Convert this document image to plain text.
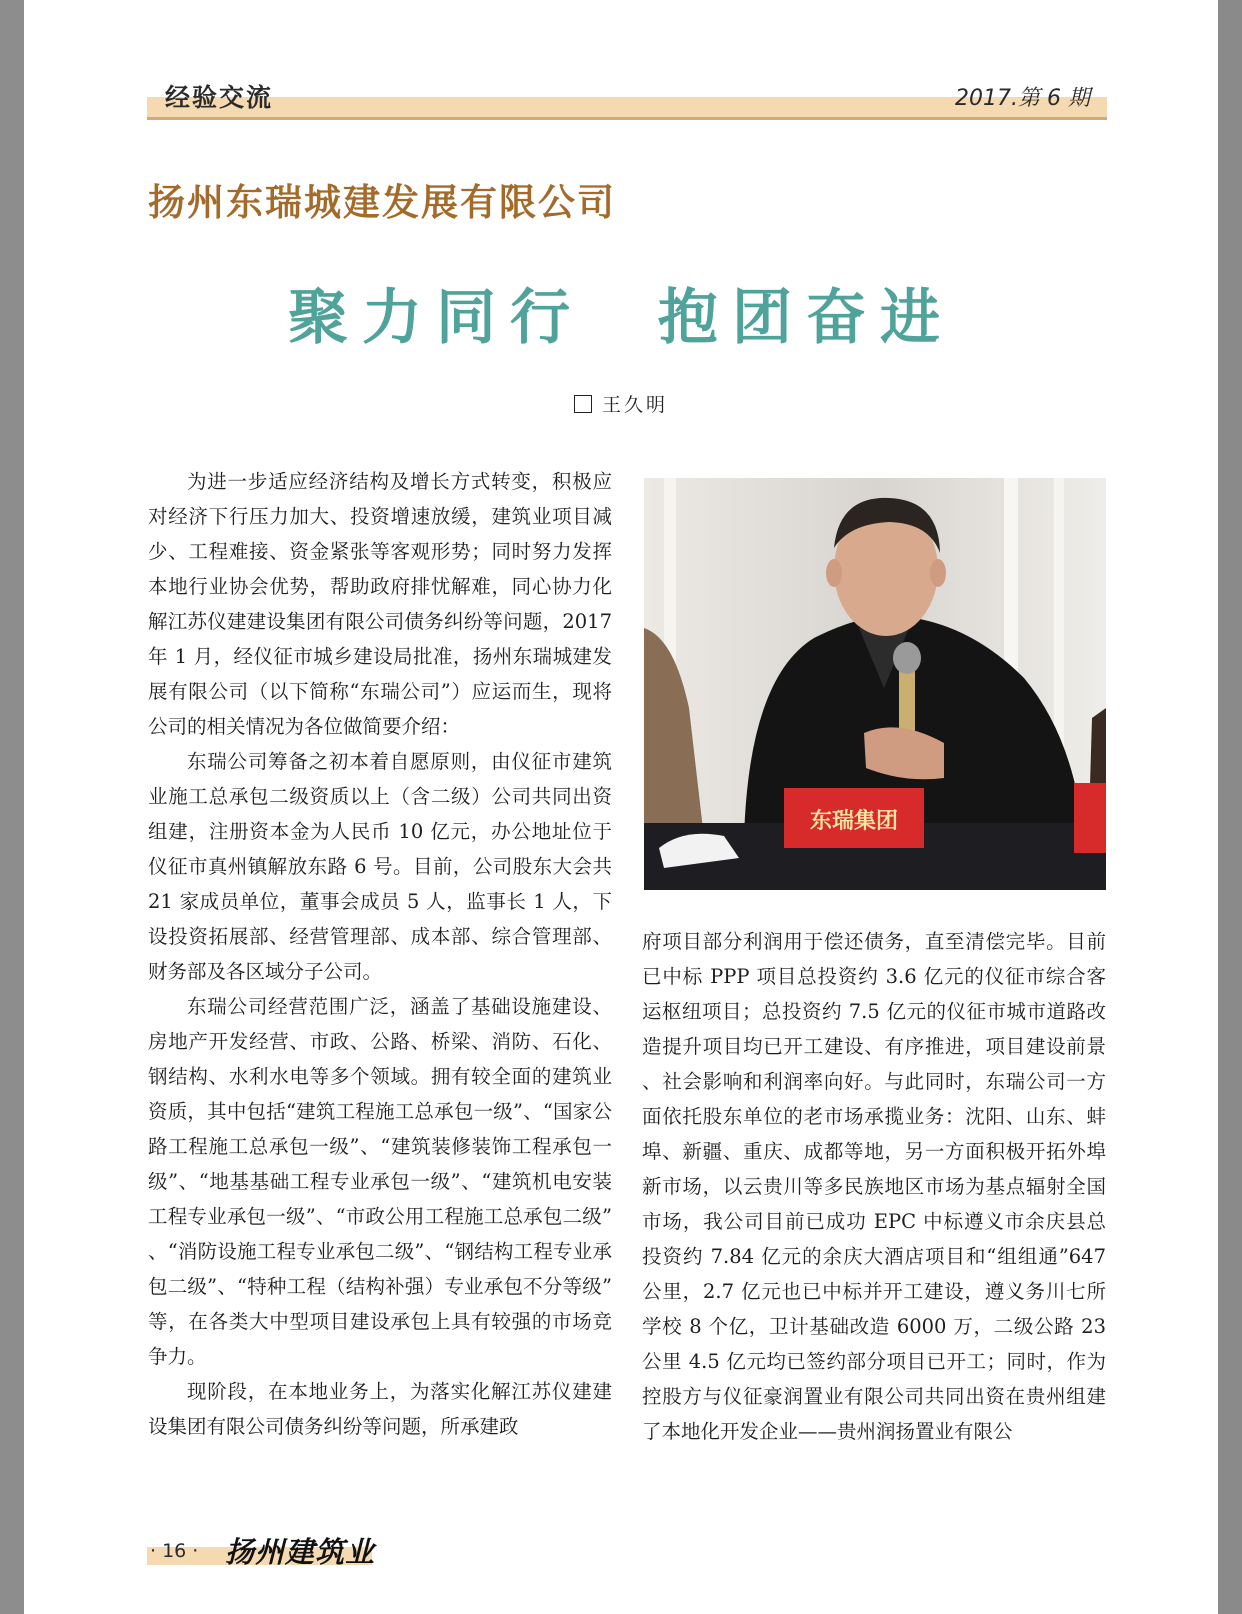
经验交流	2017.第 6 期
扬州东瑞城建发展有限公司
聚力同行　抱团奋进
王久明

为进一步适应经济结构及增长方式转变，积极应对经济下行压力加大、投资增速放缓，建筑业项目减少、工程难接、资金紧张等客观形势；同时努力发挥本地行业协会优势，帮助政府排忧解难，同心协力化解江苏仪建建设集团有限公司债务纠纷等问题，2017 年 1 月，经仪征市城乡建设局批准，扬州东瑞城建发展有限公司（以下简称“东瑞公司”）应运而生，现将公司的相关情况为各位做简要介绍：

东瑞公司筹备之初本着自愿原则，由仪征市建筑业施工总承包二级资质以上（含二级）公司共同出资组建，注册资本金为人民币 10 亿元，办公地址位于仪征市真州镇解放东路 6 号。目前，公司股东大会共 21 家成员单位，董事会成员 5 人，监事长 1 人，下设投资拓展部、经营管理部、成本部、综合管理部、财务部及各区域分子公司。

东瑞公司经营范围广泛，涵盖了基础设施建设、房地产开发经营、市政、公路、桥梁、消防、石化、钢结构、水利水电等多个领域。拥有较全面的建筑业资质，其中包括“建筑工程施工总承包一级”、“国家公路工程施工总承包一级”、“建筑装修装饰工程承包一级”、“地基基础工程专业承包一级”、“建筑机电安装工程专业承包一级”、“市政公用工程施工总承包二级”、“消防设施工程专业承包二级”、“钢结构工程专业承包二级”、“特种工程（结构补强）专业承包不分等级”等，在各类大中型项目建设承包上具有较强的市场竞争力。

现阶段，在本地业务上，为落实化解江苏仪建建设集团有限公司债务纠纷等问题，所承建政

东瑞集团

府项目部分利润用于偿还债务，直至清偿完毕。目前已中标 PPP 项目总投资约 3.6 亿元的仪征市综合客运枢纽项目；总投资约 7.5 亿元的仪征市城市道路改造提升项目均已开工建设、有序推进，项目建设前景、社会影响和利润率向好。与此同时，东瑞公司一方面依托股东单位的老市场承揽业务：沈阳、山东、蚌埠、新疆、重庆、成都等地，另一方面积极开拓外埠新市场，以云贵川等多民族地区市场为基点辐射全国市场，我公司目前已成功 EPC 中标遵义市余庆县总投资约 7.84 亿元的余庆大酒店项目和“组组通”647 公里，2.7 亿元也已中标并开工建设，遵义务川七所学校 8 个亿，卫计基础改造 6000 万，二级公路 23 公里 4.5 亿元均已签约部分项目已开工；同时，作为控股方与仪征豪润置业有限公司共同出资在贵州组建了本地化开发企业——贵州润扬置业有限公

· 16 · 扬州建筑业
